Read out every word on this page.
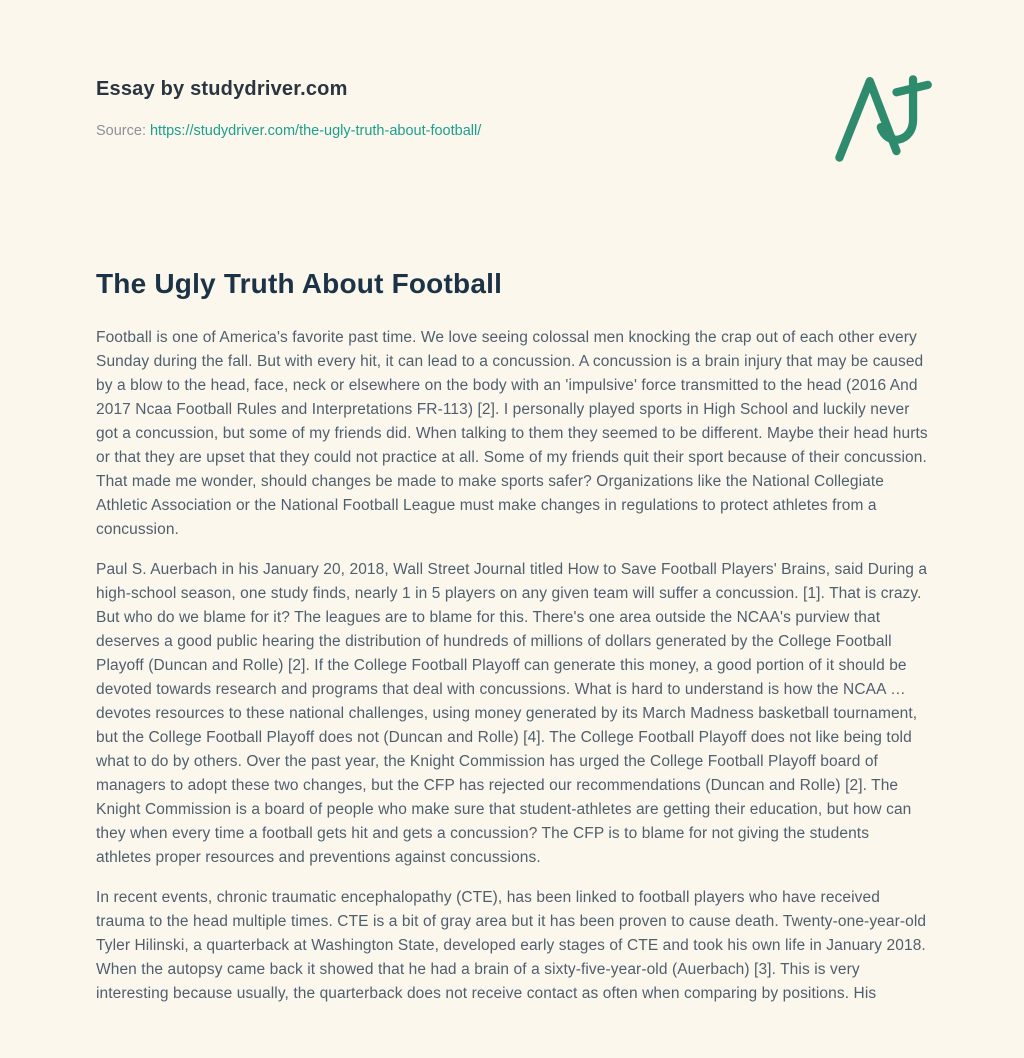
Essay by studydriver.com
Source: https://studydriver.com/the-ugly-truth-about-football/
The Ugly Truth About Football

Football is one of America's favorite past time. We love seeing colossal men knocking the crap out of each other every Sunday during the fall. But with every hit, it can lead to a concussion. A concussion is a brain injury that may be caused by a blow to the head, face, neck or elsewhere on the body with an 'impulsive' force transmitted to the head (2016 And 2017 Ncaa Football Rules and Interpretations FR-113) [2]. I personally played sports in High School and luckily never got a concussion, but some of my friends did. When talking to them they seemed to be different. Maybe their head hurts or that they are upset that they could not practice at all. Some of my friends quit their sport because of their concussion. That made me wonder, should changes be made to make sports safer? Organizations like the National Collegiate Athletic Association or the National Football League must make changes in regulations to protect athletes from a concussion.

Paul S. Auerbach in his January 20, 2018, Wall Street Journal titled How to Save Football Players' Brains, said During a high-school season, one study finds, nearly 1 in 5 players on any given team will suffer a concussion. [1]. That is crazy. But who do we blame for it? The leagues are to blame for this. There's one area outside the NCAA's purview that deserves a good public hearing the distribution of hundreds of millions of dollars generated by the College Football Playoff (Duncan and Rolle) [2]. If the College Football Playoff can generate this money, a good portion of it should be devoted towards research and programs that deal with concussions. What is hard to understand is how the NCAA …devotes resources to these national challenges, using money generated by its March Madness basketball tournament, but the College Football Playoff does not (Duncan and Rolle) [4]. The College Football Playoff does not like being told what to do by others. Over the past year, the Knight Commission has urged the College Football Playoff board of managers to adopt these two changes, but the CFP has rejected our recommendations (Duncan and Rolle) [2]. The Knight Commission is a board of people who make sure that student-athletes are getting their education, but how can they when every time a football gets hit and gets a concussion? The CFP is to blame for not giving the students athletes proper resources and preventions against concussions.

In recent events, chronic traumatic encephalopathy (CTE), has been linked to football players who have received trauma to the head multiple times. CTE is a bit of gray area but it has been proven to cause death. Twenty-one-year-old Tyler Hilinski, a quarterback at Washington State, developed early stages of CTE and took his own life in January 2018. When the autopsy came back it showed that he had a brain of a sixty-five-year-old (Auerbach) [3]. This is very interesting because usually, the quarterback does not receive contact as often when comparing by positions. His
